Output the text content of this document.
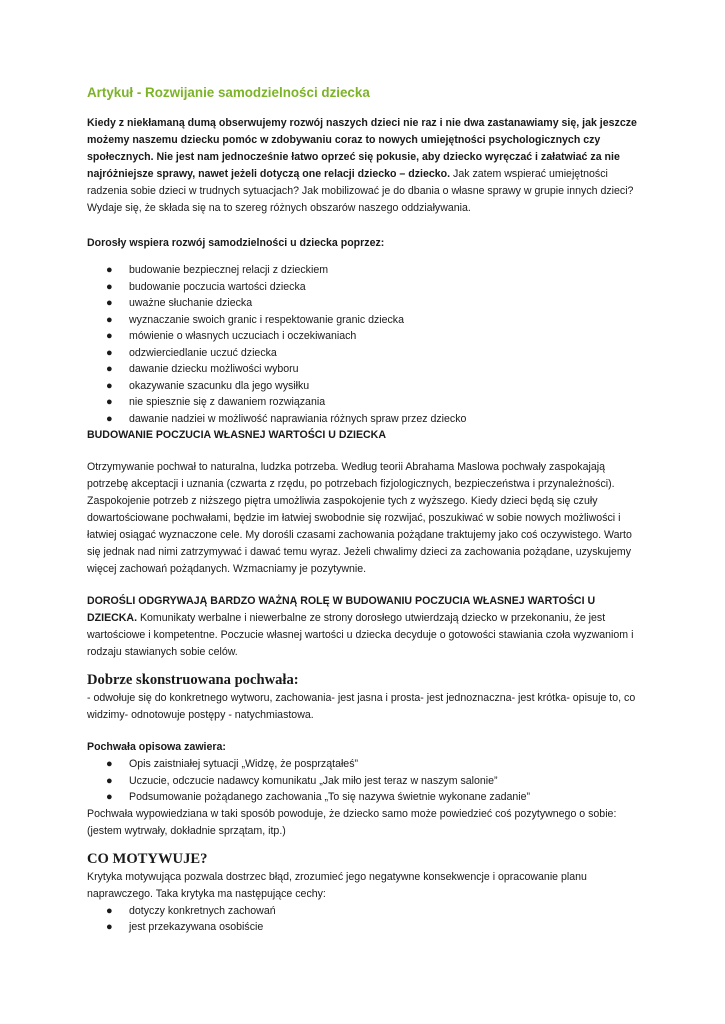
Artykuł - Rozwijanie samodzielności dziecka

Kiedy z niekłamaną dumą obserwujemy rozwój naszych dzieci nie raz i nie dwa zastanawiamy się, jak jeszcze możemy naszemu dziecku pomóc w zdobywaniu coraz to nowych umiejętności psychologicznych czy społecznych. Nie jest nam jednocześnie łatwo oprzeć się pokusie, aby dziecko wyręczać i załatwiać za nie najróżniejsze sprawy, nawet jeżeli dotyczą one relacji dziecko – dziecko. Jak zatem wspierać umiejętności radzenia sobie dzieci w trudnych sytuacjach? Jak mobilizować je do dbania o własne sprawy w grupie innych dzieci? Wydaje się, że składa się na to szereg różnych obszarów naszego oddziaływania.

Dorosły wspiera rozwój samodzielności u dziecka poprzez:

● budowanie bezpiecznej relacji z dzieckiem
● budowanie poczucia wartości dziecka
● uważne słuchanie dziecka
● wyznaczanie swoich granic i respektowanie granic dziecka
● mówienie o własnych uczuciach i oczekiwaniach
● odzwierciedlanie uczuć dziecka
● dawanie dziecku możliwości wyboru
● okazywanie szacunku dla jego wysiłku
● nie spiesznie się z dawaniem rozwiązania
● dawanie nadziei w możliwość naprawiania różnych spraw przez dziecko

BUDOWANIE POCZUCIA WŁASNEJ WARTOŚCI U DZIECKA

Otrzymywanie pochwał to naturalna, ludzka potrzeba. Według teorii Abrahama Maslowa pochwały zaspokajają potrzebę akceptacji i uznania (czwarta z rzędu, po potrzebach fizjologicznych, bezpieczeństwa i przynależności). Zaspokojenie potrzeb z niższego piętra umożliwia zaspokojenie tych z wyższego. Kiedy dzieci będą się czuły dowartościowane pochwałami, będzie im łatwiej swobodnie się rozwijać, poszukiwać w sobie nowych możliwości i łatwiej osiągać wyznaczone cele. My dorośli czasami zachowania pożądane traktujemy jako coś oczywistego. Warto się jednak nad nimi zatrzymywać i dawać temu wyraz. Jeżeli chwalimy dzieci za zachowania pożądane, uzyskujemy więcej zachowań pożądanych. Wzmacniamy je pozytywnie.

DOROŚLI ODGRYWAJĄ BARDZO WAŻNĄ ROLĘ W BUDOWANIU POCZUCIA WŁASNEJ WARTOŚCI U DZIECKA. Komunikaty werbalne i niewerbalne ze strony dorosłego utwierdzają dziecko w przekonaniu, że jest wartościowe i kompetentne. Poczucie własnej wartości u dziecka decyduje o gotowości stawiania czoła wyzwaniom i rodzaju stawianych sobie celów.

Dobrze skonstruowana pochwała:

- odwołuje się do konkretnego wytworu, zachowania- jest jasna i prosta- jest jednoznaczna- jest krótka- opisuje to, co widzimy- odnotowuje postępy - natychmiastowa.

Pochwała opisowa zawiera:

● Opis zaistniałej sytuacji „Widzę, że posprzątałeś”
● Uczucie, odczucie nadawcy komunikatu „Jak miło jest teraz w naszym salonie”
● Podsumowanie pożądanego zachowania „To się nazywa świetnie wykonane zadanie”

Pochwała wypowiedziana w taki sposób powoduje, że dziecko samo może powiedzieć coś pozytywnego o sobie: (jestem wytrwały, dokładnie sprzątam, itp.)

CO MOTYWUJE?

Krytyka motywująca pozwala dostrzec błąd, zrozumieć jego negatywne konsekwencje i opracowanie planu naprawczego. Taka krytyka ma następujące cechy:

● dotyczy konkretnych zachowań
● jest przekazywana osobiście
